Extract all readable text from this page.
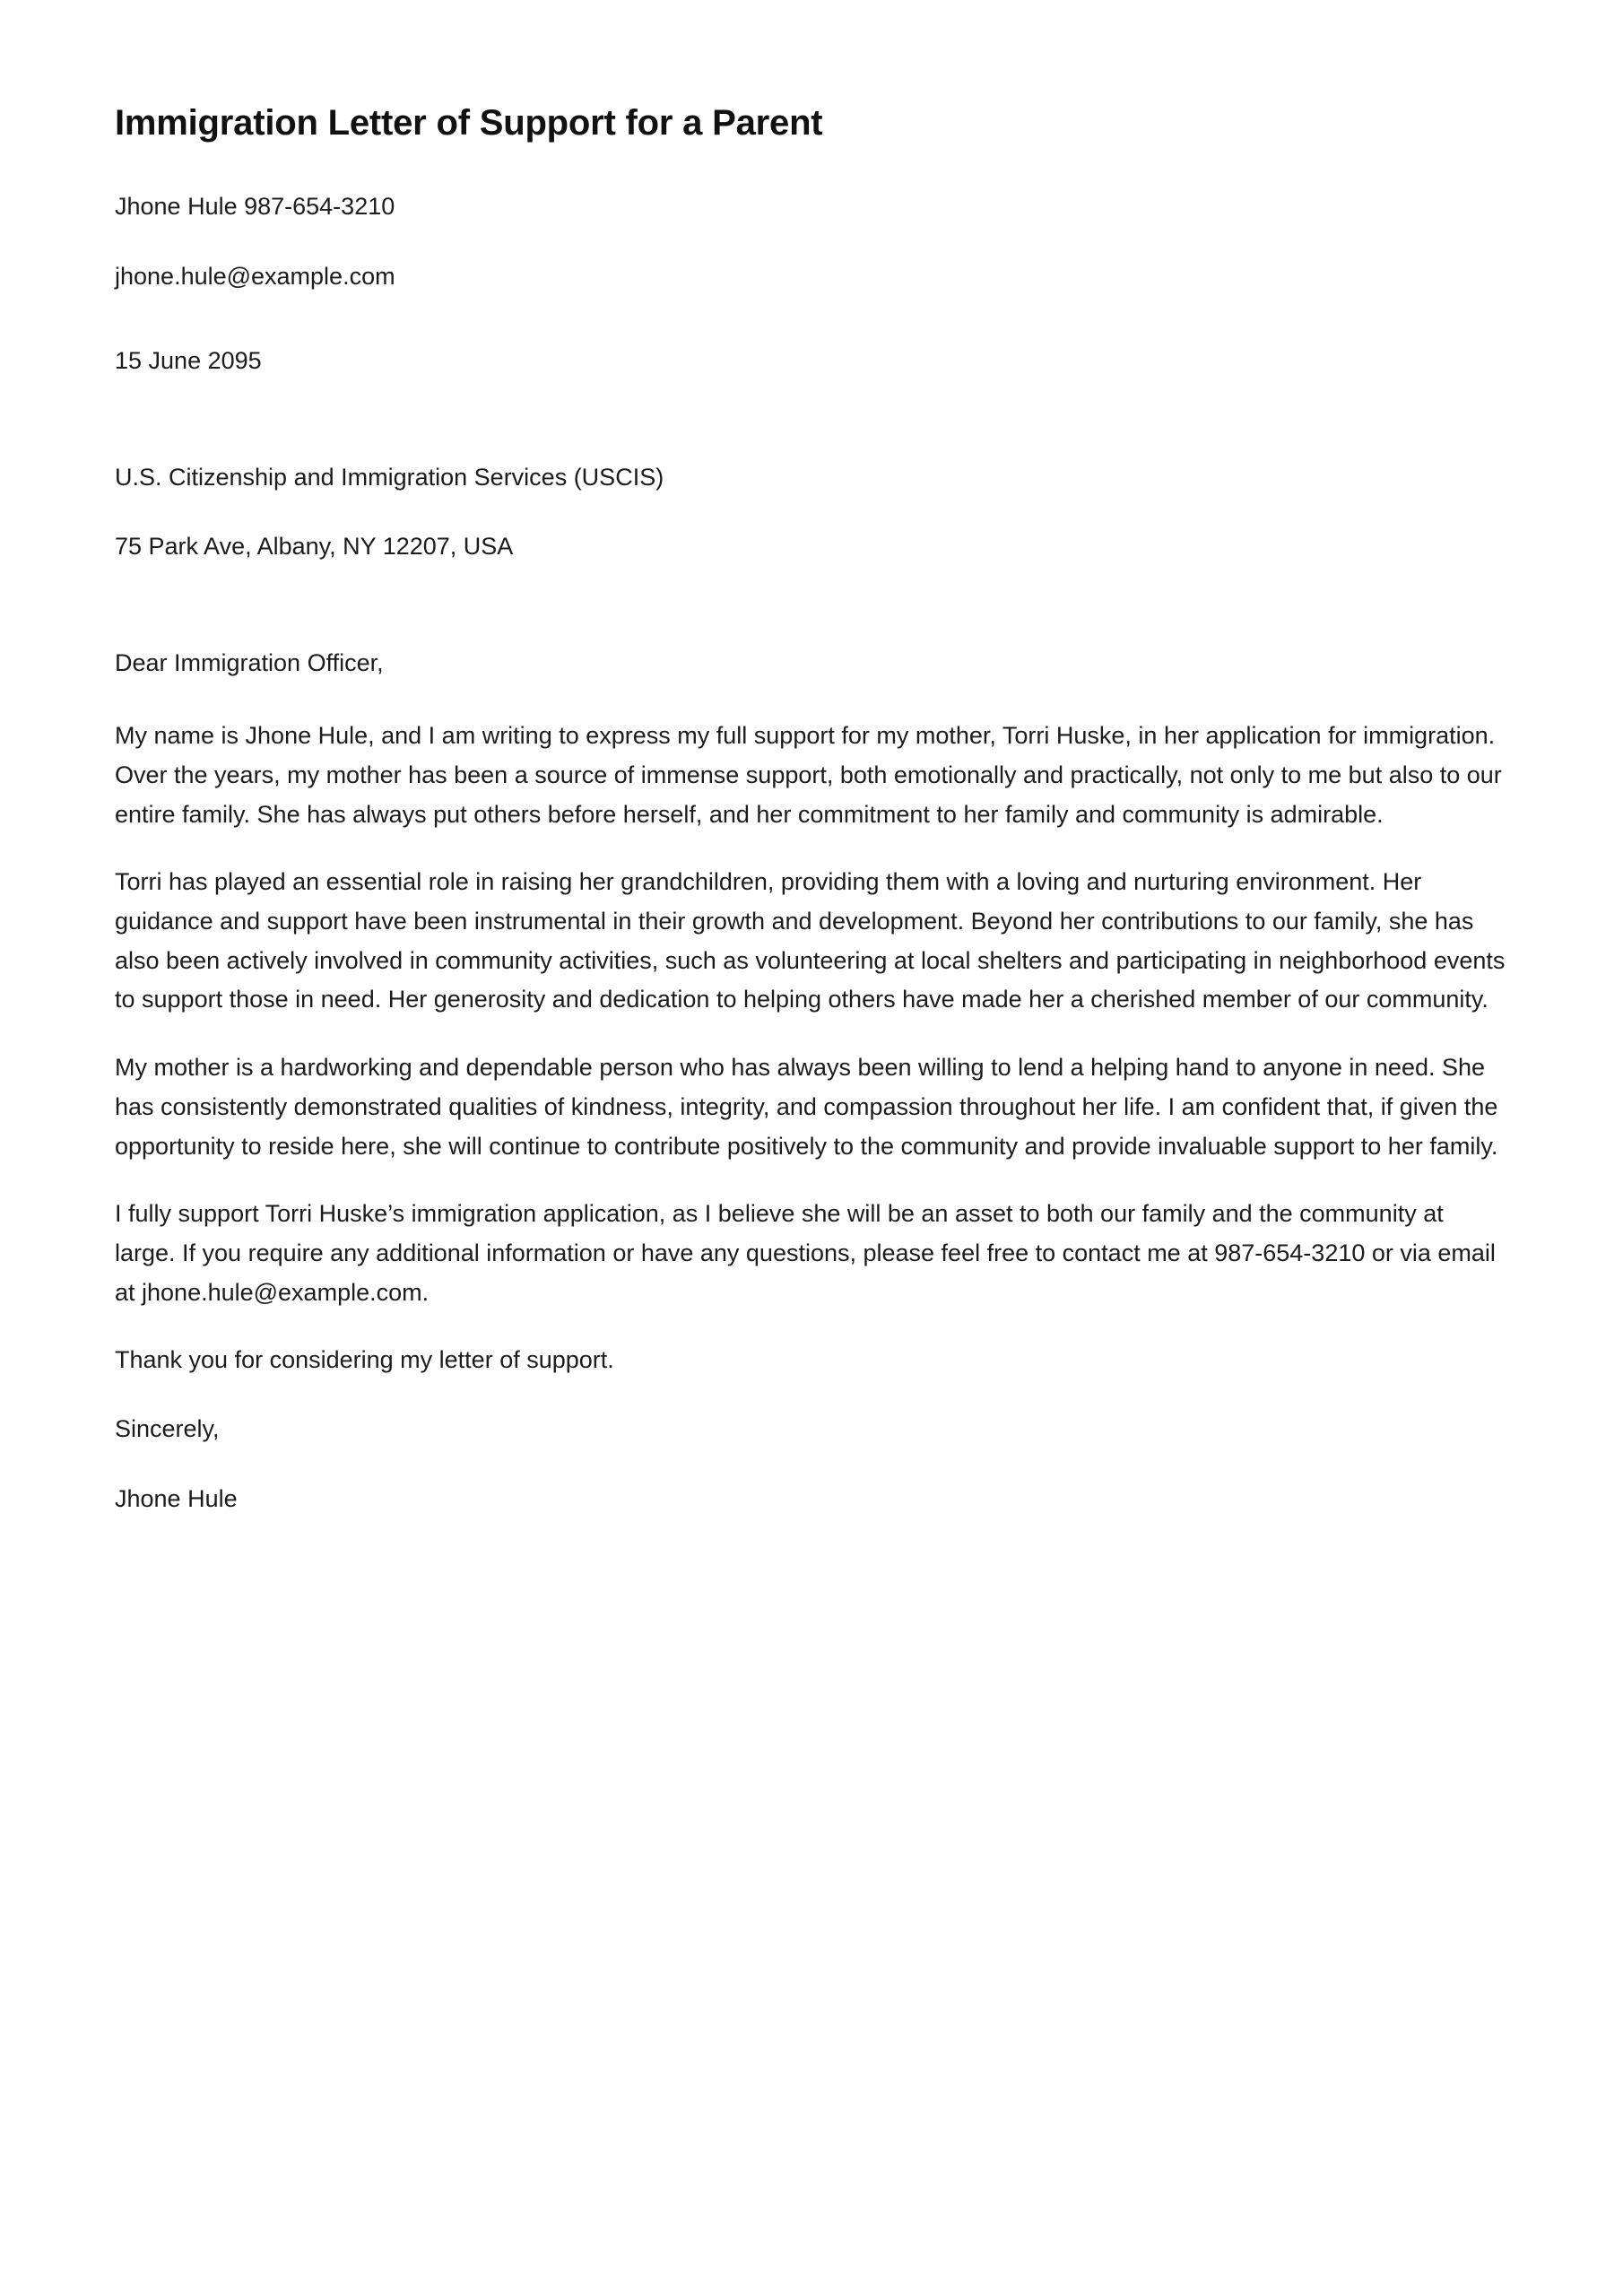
Immigration Letter of Support for a Parent

Jhone Hule 987-654-3210

jhone.hule@example.com

15 June 2095

U.S. Citizenship and Immigration Services (USCIS)

75 Park Ave, Albany, NY 12207, USA

Dear Immigration Officer,

My name is Jhone Hule, and I am writing to express my full support for my mother, Torri Huske, in her application for immigration. Over the years, my mother has been a source of immense support, both emotionally and practically, not only to me but also to our entire family. She has always put others before herself, and her commitment to her family and community is admirable.

Torri has played an essential role in raising her grandchildren, providing them with a loving and nurturing environment. Her guidance and support have been instrumental in their growth and development. Beyond her contributions to our family, she has also been actively involved in community activities, such as volunteering at local shelters and participating in neighborhood events to support those in need. Her generosity and dedication to helping others have made her a cherished member of our community.

My mother is a hardworking and dependable person who has always been willing to lend a helping hand to anyone in need. She has consistently demonstrated qualities of kindness, integrity, and compassion throughout her life. I am confident that, if given the opportunity to reside here, she will continue to contribute positively to the community and provide invaluable support to her family.

I fully support Torri Huske’s immigration application, as I believe she will be an asset to both our family and the community at large. If you require any additional information or have any questions, please feel free to contact me at 987-654-3210 or via email at jhone.hule@example.com.

Thank you for considering my letter of support.

Sincerely,

Jhone Hule
